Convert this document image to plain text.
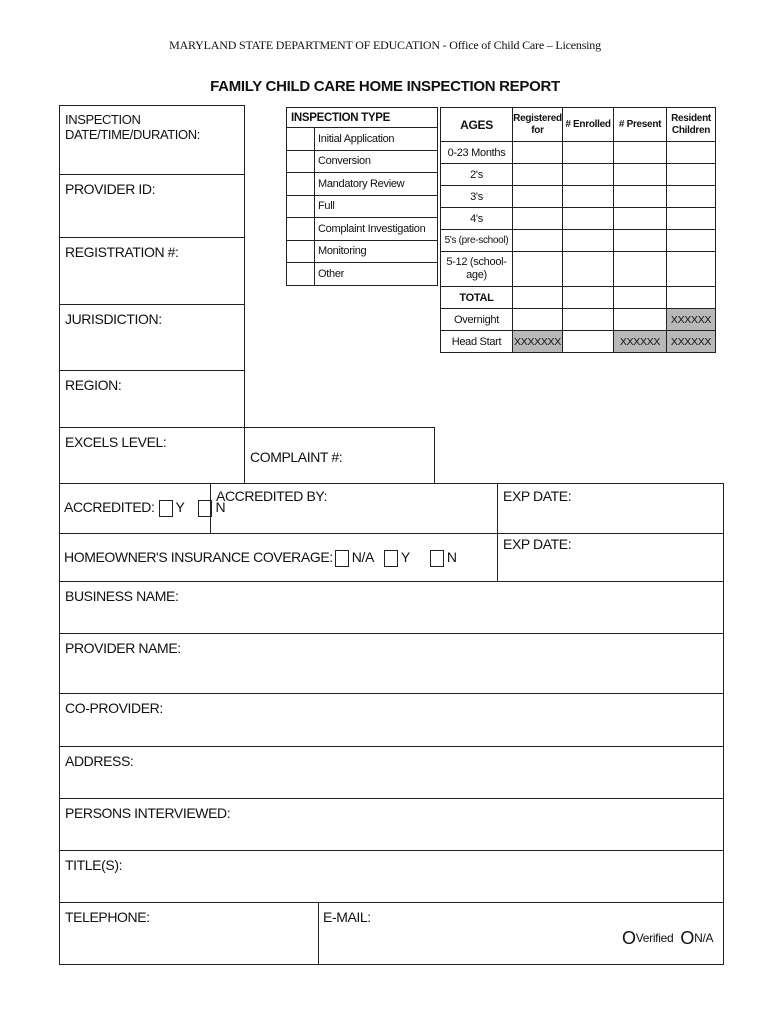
MARYLAND STATE DEPARTMENT OF EDUCATION - Office of Child Care – Licensing
FAMILY CHILD CARE HOME INSPECTION REPORT
INSPECTION DATE/TIME/DURATION:
PROVIDER ID:
REGISTRATION #:
JURISDICTION:
REGION:
EXCELS LEVEL:
COMPLAINT #:
INSPECTION TYPE	
	Initial Application
	Conversion
	Mandatory Review
	Full
	Complaint Investigation
	Monitoring
	Other
AGES	Registered for	# Enrolled	# Present	Resident Children
0-23 Months				
2's				
3's				
4's				
5's (pre-school)				
5-12 (school-age)				
TOTAL				
Overnight				XXXXXX
Head Start	XXXXXXX		XXXXXX	XXXXXX
ACCREDITED: Y N
ACCREDITED BY:	EXP DATE:
HOMEOWNER'S INSURANCE COVERAGE: N/A Y	N
EXP DATE:
BUSINESS NAME:
PROVIDER NAME:
CO-PROVIDER:
ADDRESS:
PERSONS INTERVIEWED:
TITLE(S):
TELEPHONE:	E-MAIL:
OVerified ON/A
